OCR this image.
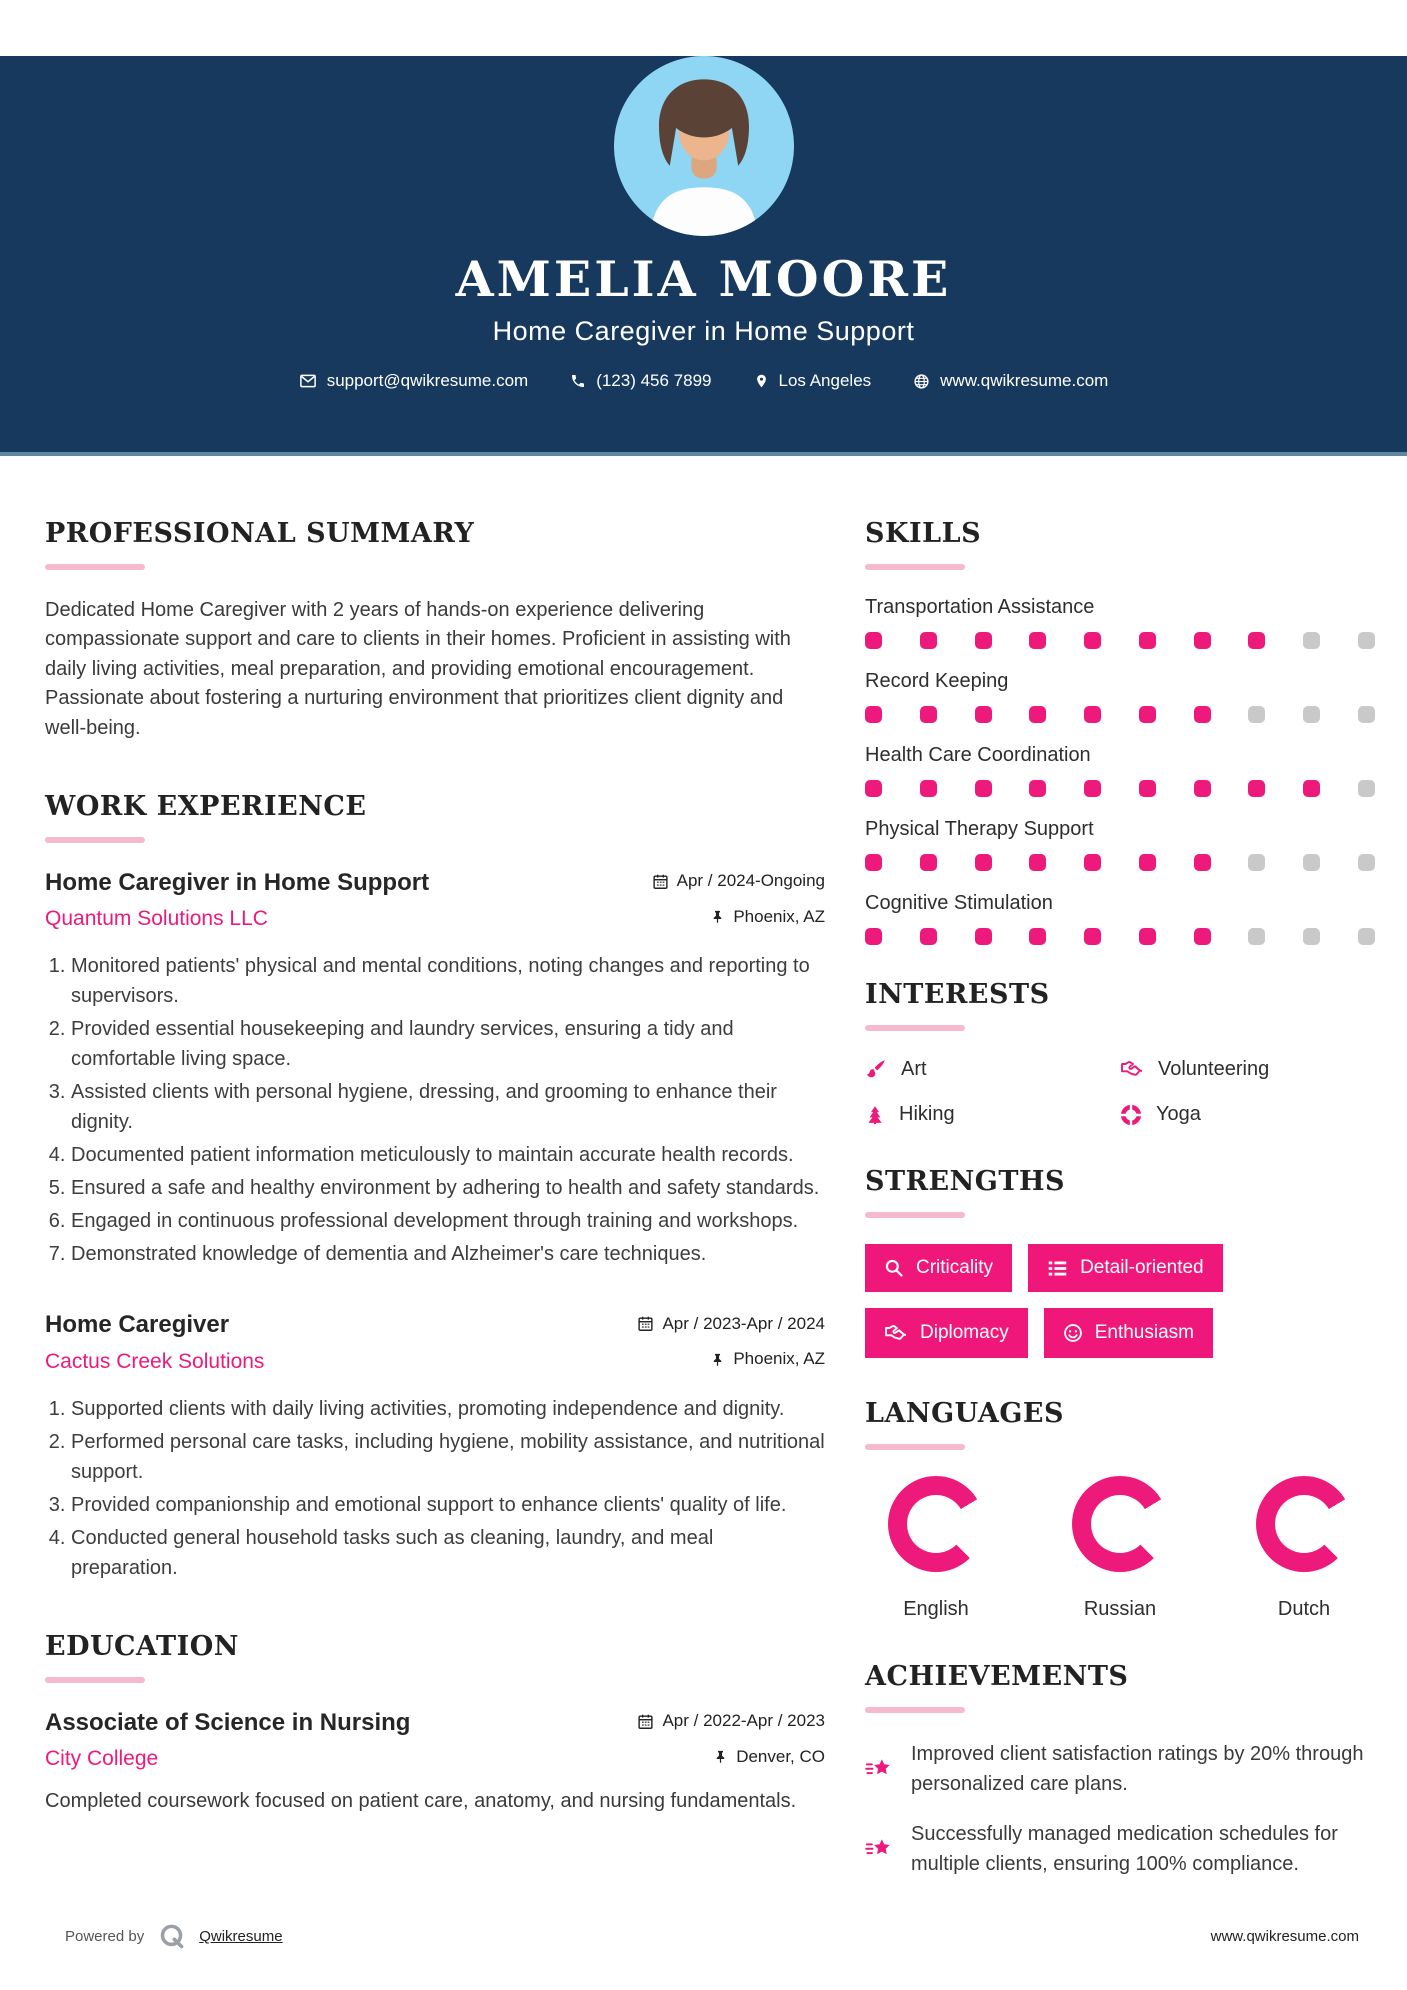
AMELIA MOORE
Home Caregiver in Home Support
support@qwikresume.com	(123) 456 7899	Los Angeles	www.qwikresume.com
PROFESSIONAL SUMMARY

Dedicated Home Caregiver with 2 years of hands-on experience delivering compassionate support and care to clients in their homes. Proficient in assisting with daily living activities, meal preparation, and providing emotional encouragement. Passionate about fostering a nurturing environment that prioritizes client dignity and well-being.

WORK EXPERIENCE
Home Caregiver in Home Support	Apr / 2024-Ongoing
Quantum Solutions LLC	Phoenix, AZ
1. Monitored patients' physical and mental conditions, noting changes and reporting to supervisors.
2. Provided essential housekeeping and laundry services, ensuring a tidy and comfortable living space.
3. Assisted clients with personal hygiene, dressing, and grooming to enhance their dignity.
4. Documented patient information meticulously to maintain accurate health records.
5. Ensured a safe and healthy environment by adhering to health and safety standards.
6. Engaged in continuous professional development through training and workshops.
7. Demonstrated knowledge of dementia and Alzheimer's care techniques.
Home Caregiver	Apr / 2023-Apr / 2024
Cactus Creek Solutions	Phoenix, AZ
1. Supported clients with daily living activities, promoting independence and dignity.
2. Performed personal care tasks, including hygiene, mobility assistance, and nutritional support.
3. Provided companionship and emotional support to enhance clients' quality of life.
4. Conducted general household tasks such as cleaning, laundry, and meal preparation.
EDUCATION
Associate of Science in Nursing	Apr / 2022-Apr / 2023
City College	Denver, CO

Completed coursework focused on patient care, anatomy, and nursing fundamentals.

SKILLS
Transportation Assistance
Record Keeping
Health Care Coordination
Physical Therapy Support
Cognitive Stimulation
INTERESTS
Art	Volunteering
Hiking	Yoga
STRENGTHS
Criticality	Detail-oriented
Diplomacy	Enthusiasm
LANGUAGES
English	Russian	Dutch
ACHIEVEMENTS
Improved client satisfaction ratings by 20% through personalized care plans.
Successfully managed medication schedules for multiple clients, ensuring 100% compliance.
Powered by	Qwikresume	www.qwikresume.com
